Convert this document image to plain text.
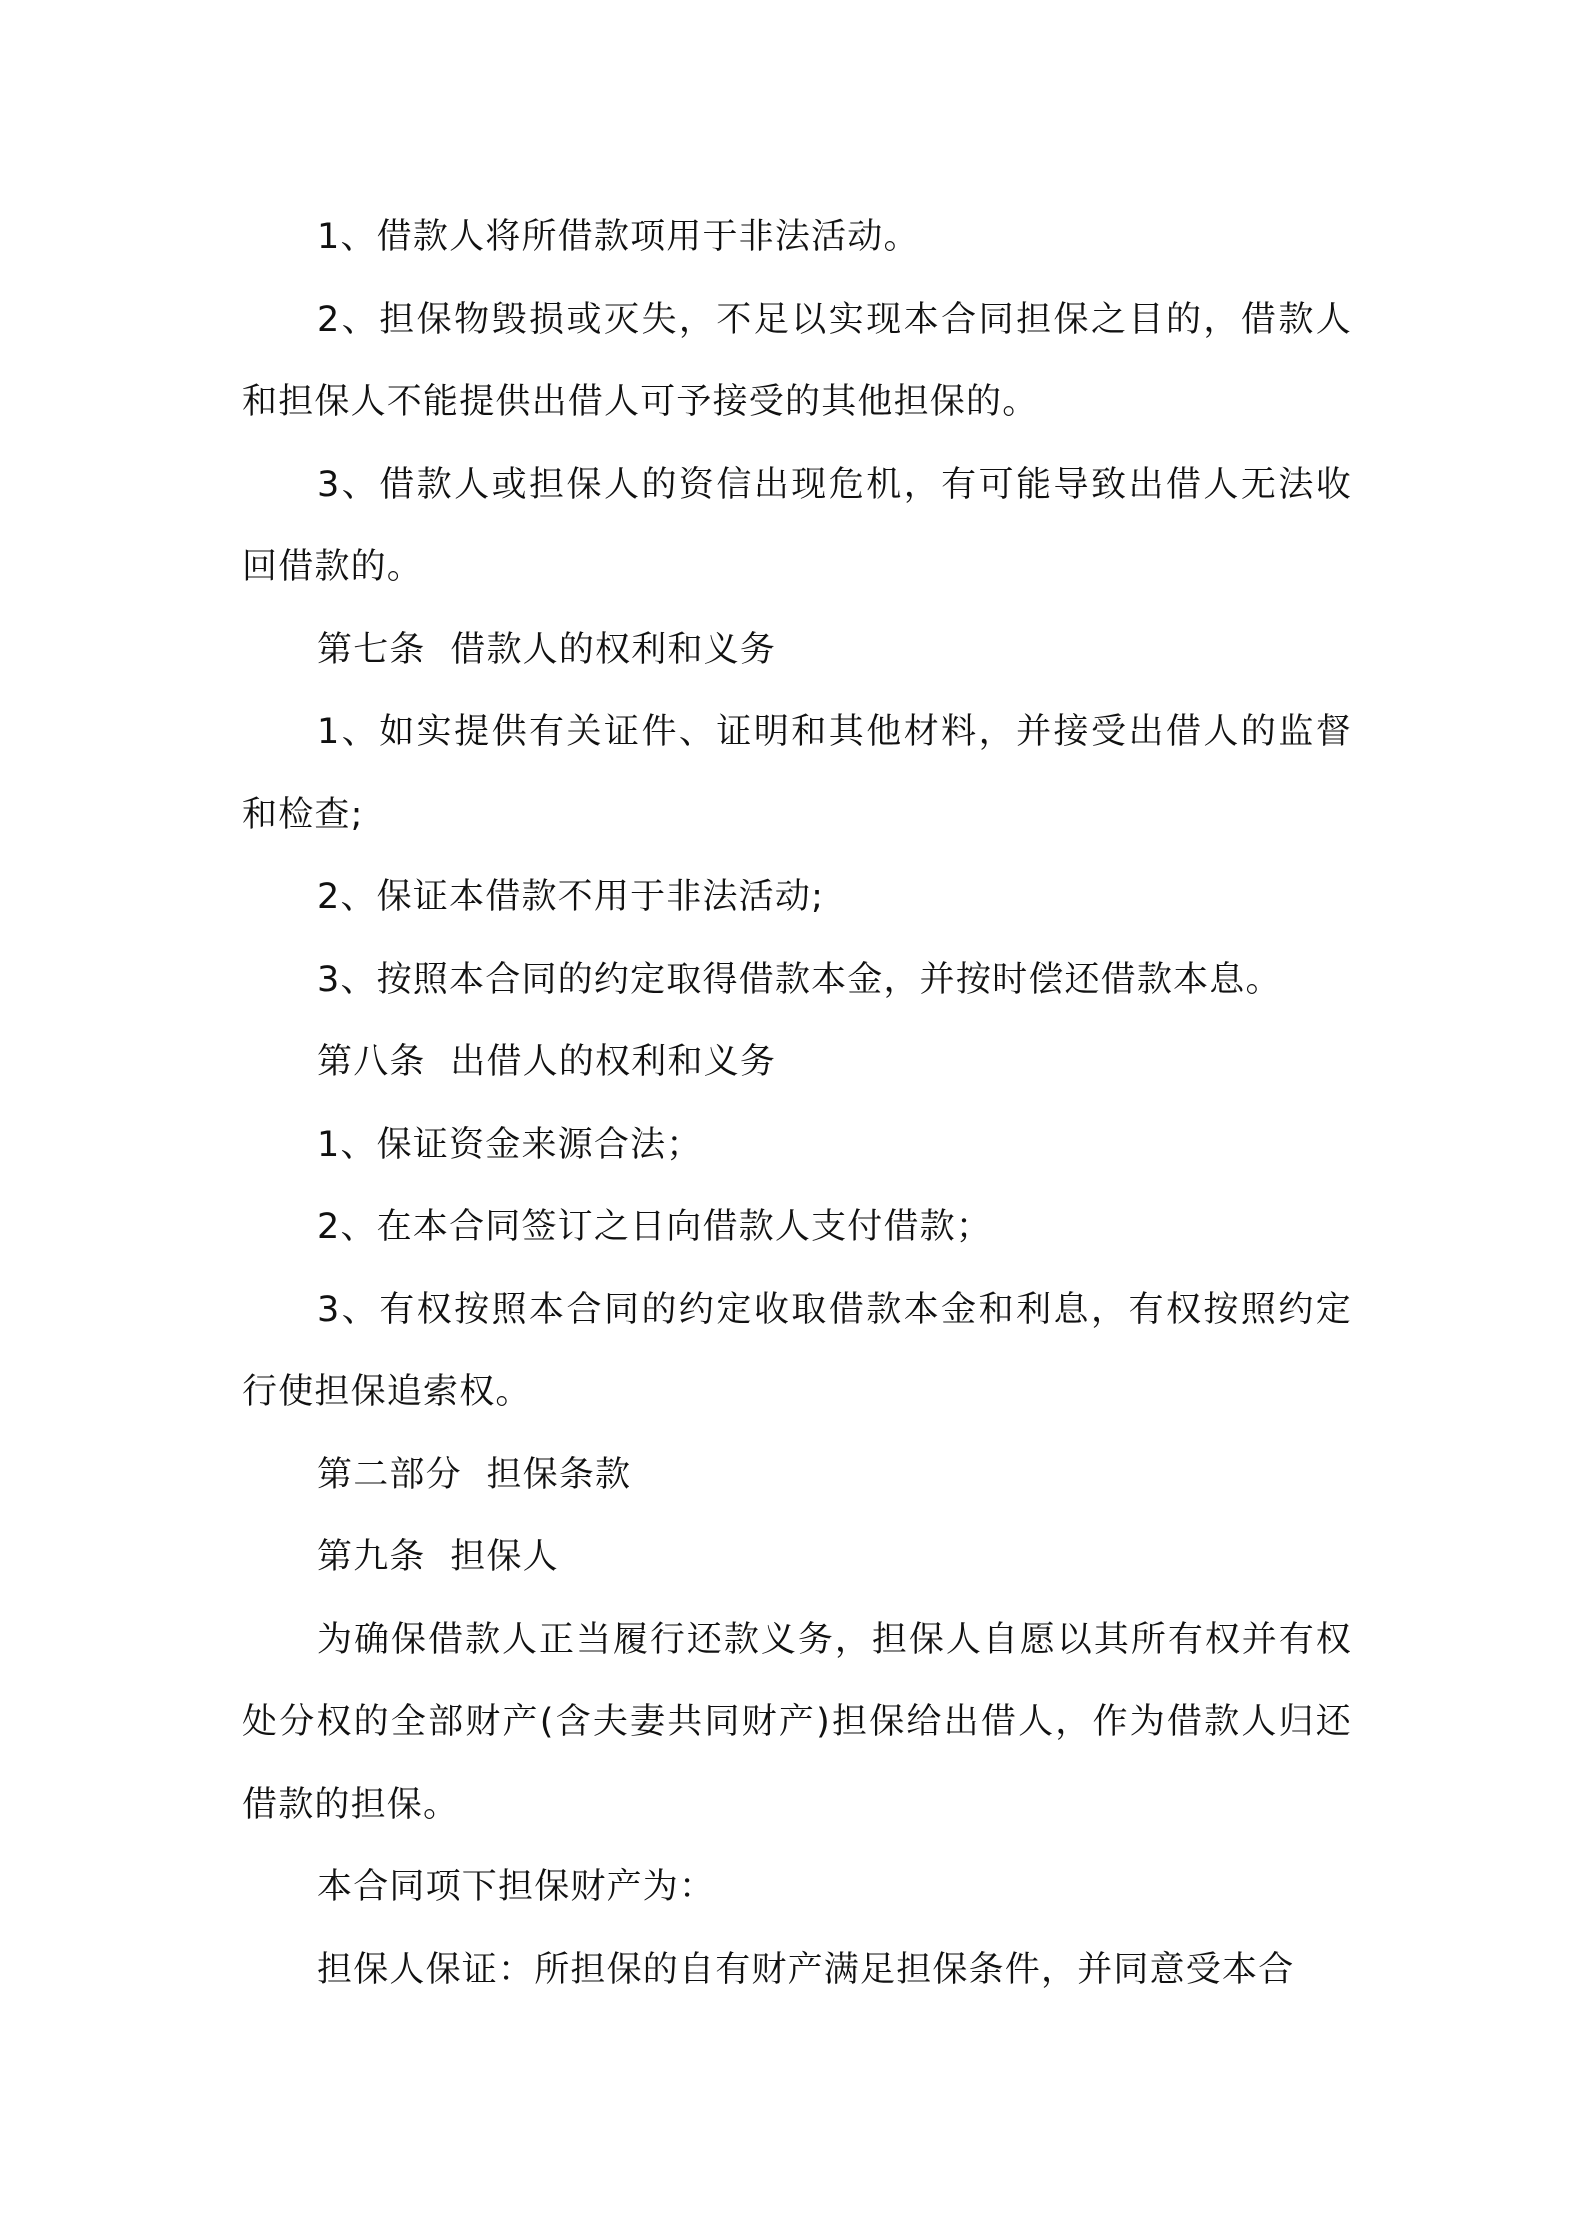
1、借款人将所借款项用于非法活动。

2、担保物毁损或灭失，不足以实现本合同担保之目的，借款人和担保人不能提供出借人可予接受的其他担保的。

3、借款人或担保人的资信出现危机，有可能导致出借人无法收回借款的。

第七条  借款人的权利和义务

1、如实提供有关证件、证明和其他材料，并接受出借人的监督和检查;

2、保证本借款不用于非法活动;

3、按照本合同的约定取得借款本金，并按时偿还借款本息。

第八条  出借人的权利和义务

1、保证资金来源合法；

2、在本合同签订之日向借款人支付借款；

3、有权按照本合同的约定收取借款本金和利息，有权按照约定行使担保追索权。

第二部分  担保条款

第九条  担保人

为确保借款人正当履行还款义务，担保人自愿以其所有权并有权处分权的全部财产(含夫妻共同财产)担保给出借人，作为借款人归还借款的担保。

本合同项下担保财产为：

担保人保证：所担保的自有财产满足担保条件，并同意受本合
